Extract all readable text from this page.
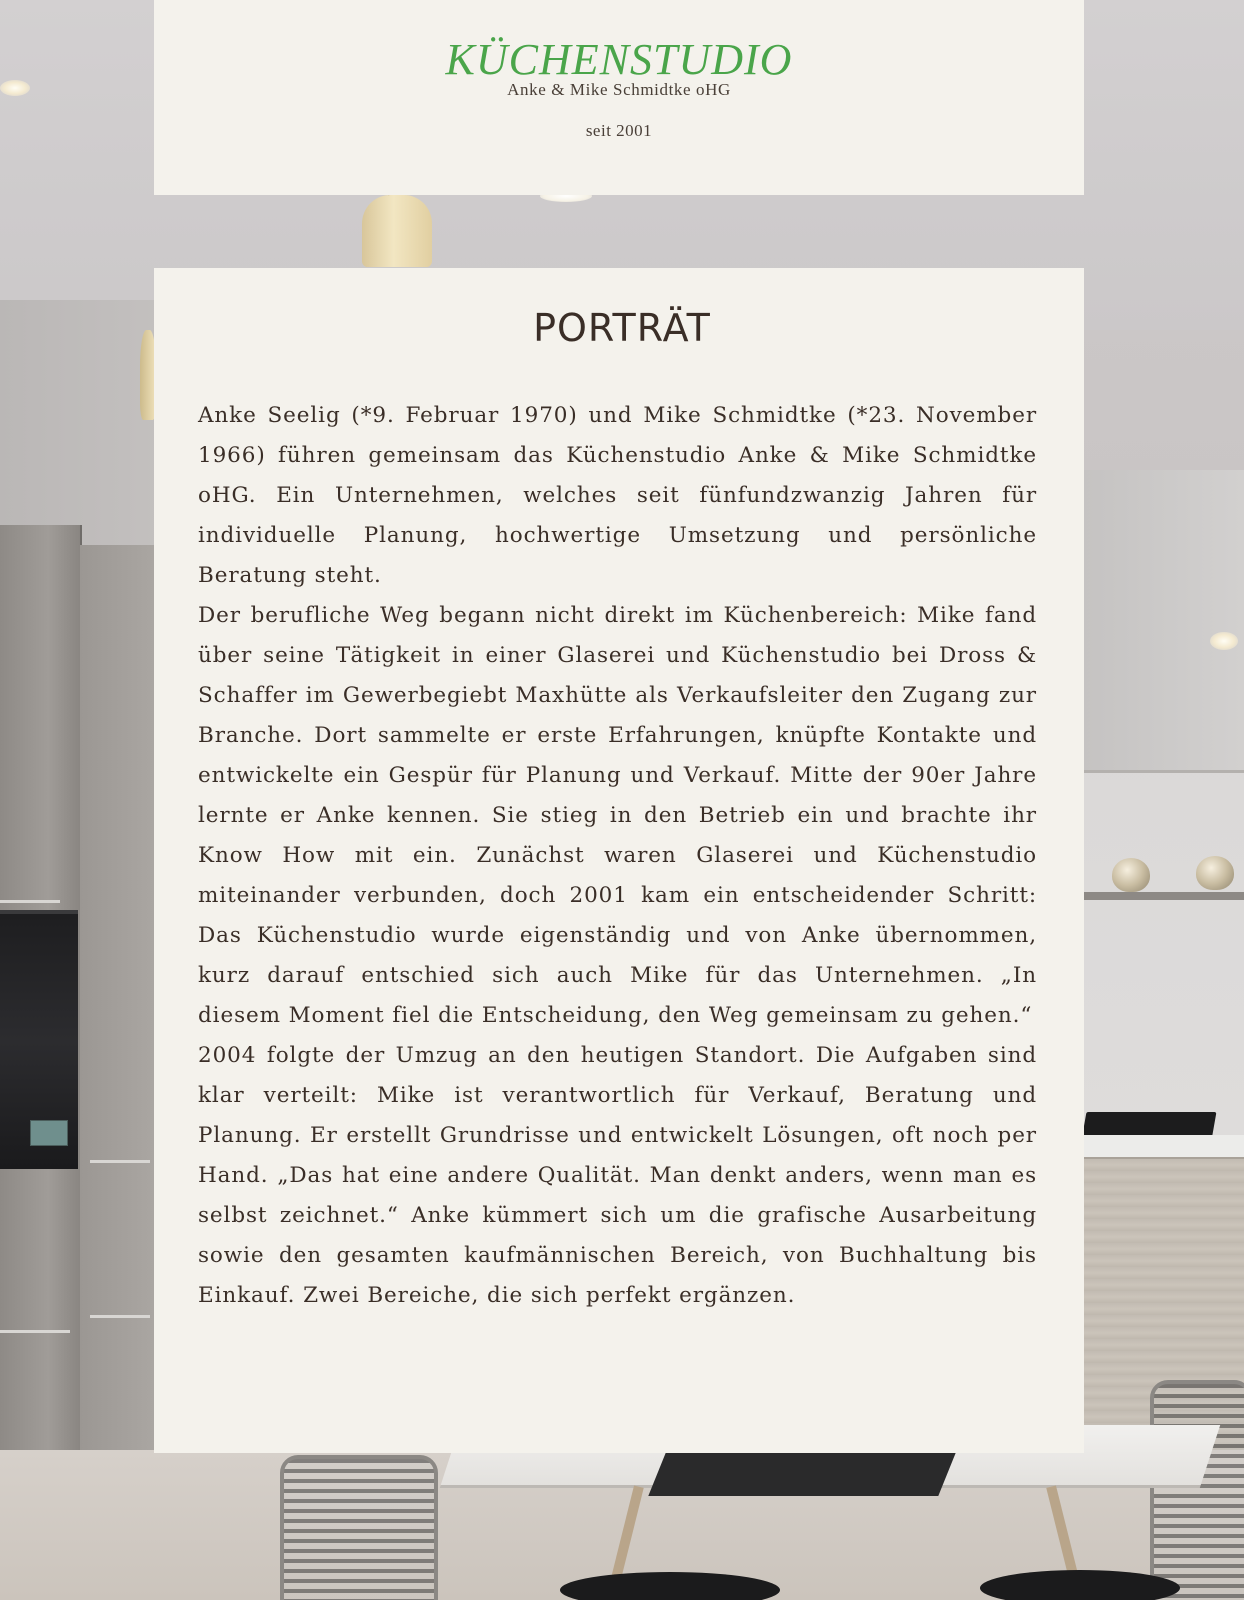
KÜCHENSTUDIO
Anke & Mike Schmidtke oHG
seit 2001
PORTRÄT

Anke Seelig (*9. Februar 1970) und Mike Schmidtke (*23. November 1966) führen gemeinsam das Küchenstudio Anke & Mike Schmidtke oHG. Ein Unternehmen, welches seit fünfundzwanzig Jahren für individuelle Planung, hochwertige Umsetzung und persönliche Beratung steht.

Der berufliche Weg begann nicht direkt im Küchenbereich: Mike fand über seine Tätigkeit in einer Glaserei und Küchenstudio bei Dross & Schaffer im Gewerbegiebt Maxhütte als Verkaufsleiter den Zugang zur Branche. Dort sammelte er erste Erfahrungen, knüpfte Kontakte und entwickelte ein Gespür für Planung und Verkauf. Mitte der 90er Jahre lernte er Anke kennen. Sie stieg in den Betrieb ein und brachte ihr Know How mit ein. Zunächst waren Glaserei und Küchenstudio miteinander verbunden, doch 2001 kam ein entscheidender Schritt: Das Küchenstudio wurde eigenständig und von Anke übernommen, kurz darauf entschied sich auch Mike für das Unternehmen. „In diesem Moment fiel die Entscheidung, den Weg gemeinsam zu gehen.“

2004 folgte der Umzug an den heutigen Standort. Die Aufgaben sind klar verteilt: Mike ist verantwortlich für Verkauf, Beratung und Planung. Er erstellt Grundrisse und entwickelt Lösungen, oft noch per Hand. „Das hat eine andere Qualität. Man denkt anders, wenn man es selbst zeichnet.“ Anke kümmert sich um die grafische Ausarbeitung sowie den gesamten kaufmännischen Bereich, von Buchhaltung bis Einkauf. Zwei Bereiche, die sich perfekt ergänzen.
